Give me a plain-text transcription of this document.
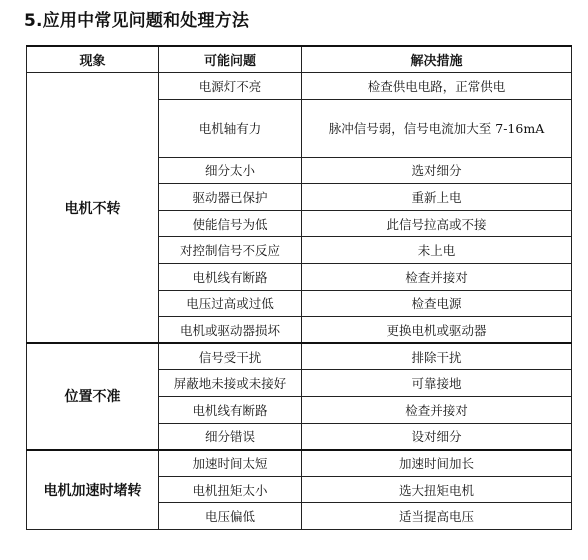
5.应用中常见问题和处理方法
现象	可能问题	解决措施
电机不转	电源灯不亮	检查供电电路，正常供电
	电机轴有力	脉冲信号弱，信号电流加大至 7-16mA
	细分太小	选对细分
	驱动器已保护	重新上电
	使能信号为低	此信号拉高或不接
	对控制信号不反应	未上电
	电机线有断路	检查并接对
	电压过高或过低	检查电源
	电机或驱动器损坏	更换电机或驱动器
位置不准	信号受干扰	排除干扰
	屏蔽地未接或未接好	可靠接地
	电机线有断路	检查并接对
	细分错误	设对细分
电机加速时堵转	加速时间太短	加速时间加长
	电机扭矩太小	选大扭矩电机
	电压偏低	适当提高电压
